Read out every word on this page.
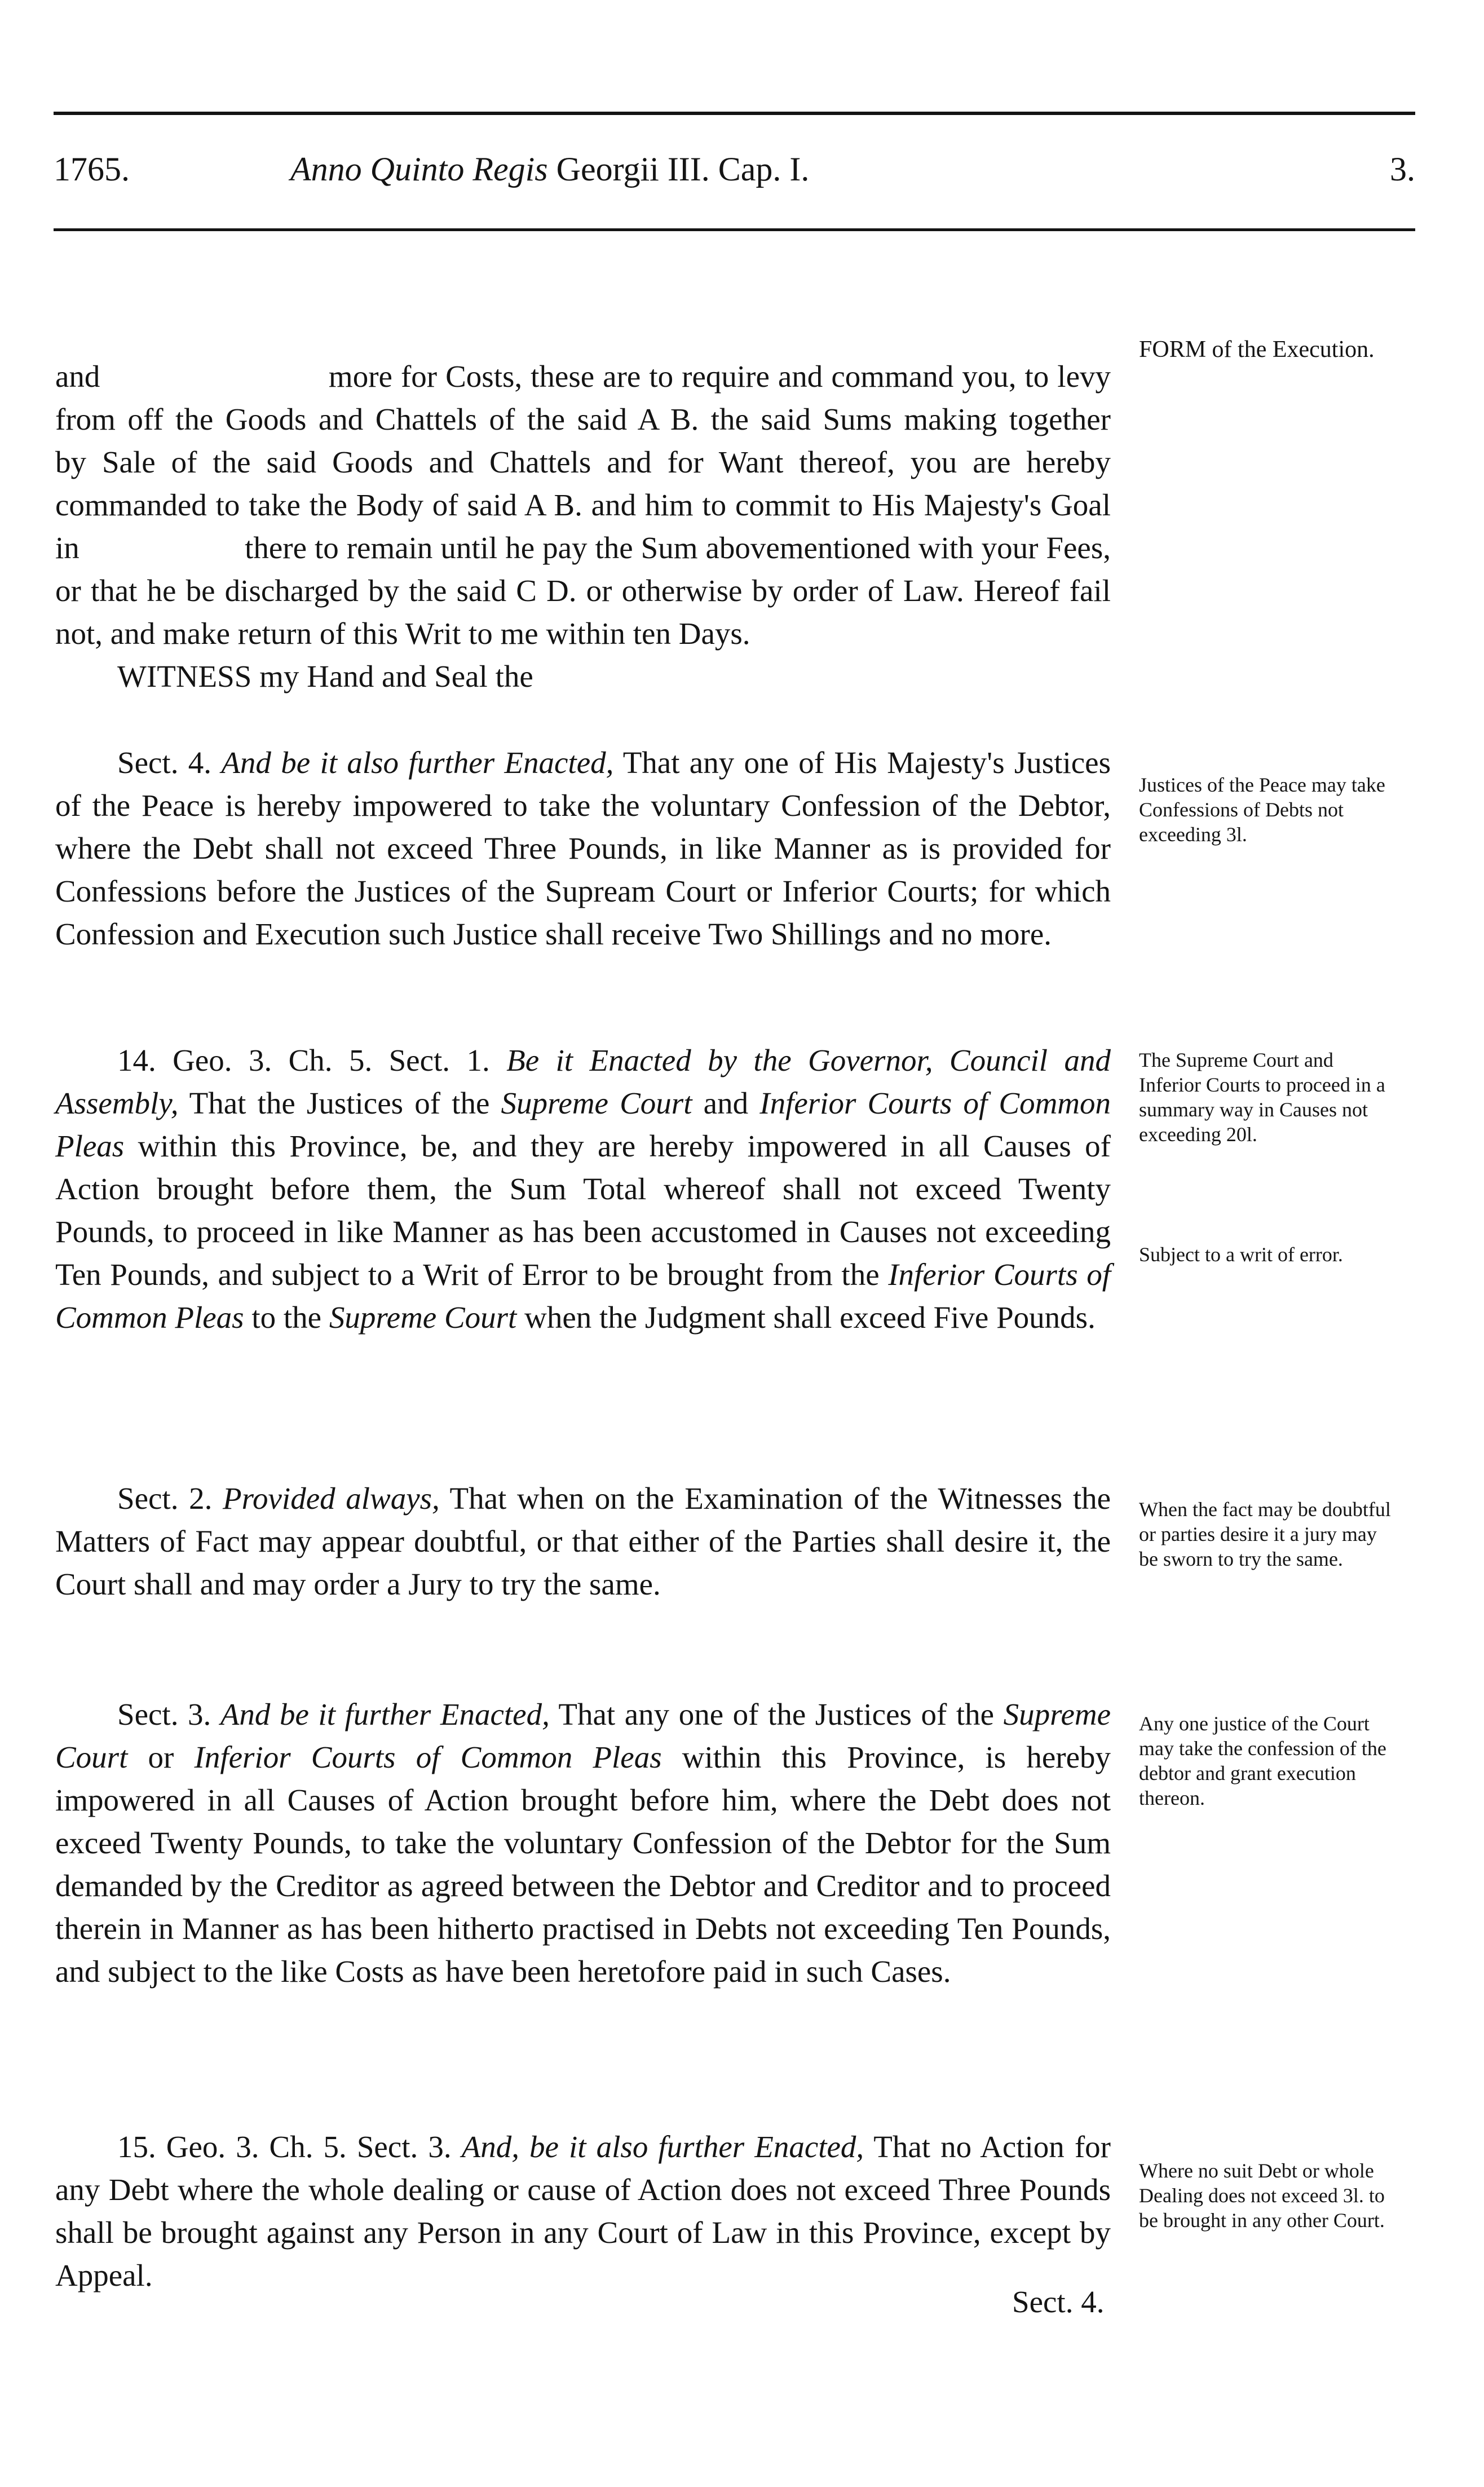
1765.	Anno Quinto Regis Georgii III. Cap. I.	3.

and                           more for Costs, these are to require and command you, to levy from off the Goods and Chattels of the said A B. the said Sums making together                      by Sale of the said Goods and Chattels and for Want thereof, you are hereby commanded to take the Body of said A B. and him to commit to His Majesty's Goal in                     there to remain until he pay the Sum abovementioned with your Fees, or that he be discharged by the said C D. or otherwise by order of Law. Hereof fail not, and make return of this Writ to me within ten Days.

WITNESS my Hand and Seal the

Sect. 4. And be it also further Enacted, That any one of His Majesty's Justices of the Peace is hereby impowered to take the voluntary Confession of the Debtor, where the Debt shall not exceed Three Pounds, in like Manner as is provided for Confessions before the Justices of the Supream Court or Inferior Courts; for which Confession and Execution such Justice shall receive Two Shillings and no more.

14. Geo. 3. Ch. 5. Sect. 1. Be it Enacted by the Governor, Council and Assembly, That the Justices of the Supreme Court and Inferior Courts of Common Pleas within this Province, be, and they are hereby impowered in all Causes of Action brought before them, the Sum Total whereof shall not exceed Twenty Pounds, to proceed in like Manner as has been accustomed in Causes not exceeding Ten Pounds, and subject to a Writ of Error to be brought from the Inferior Courts of Common Pleas to the Supreme Court when the Judgment shall exceed Five Pounds.

Sect. 2. Provided always, That when on the Examination of the Witnesses the Matters of Fact may appear doubtful, or that either of the Parties shall desire it, the Court shall and may order a Jury to try the same.

Sect. 3. And be it further Enacted, That any one of the Justices of the Supreme Court or Inferior Courts of Common Pleas within this Province, is hereby impowered in all Causes of Action brought before him, where the Debt does not exceed Twenty Pounds, to take the voluntary Confession of the Debtor for the Sum demanded by the Creditor as agreed between the Debtor and Creditor and to proceed therein in Manner as has been hitherto practised in Debts not exceeding Ten Pounds, and subject to the like Costs as have been heretofore paid in such Cases.

15. Geo. 3. Ch. 5. Sect. 3. And, be it also further Enacted, That no Action for any Debt where the whole dealing or cause of Action does not exceed Three Pounds shall be brought against any Person in any Court of Law in this Province, except by Appeal.

Sect. 4.
FORM of the Execution.
Justices of the Peace may take Confessions of Debts not exceeding 3l.
The Supreme Court and Inferior Courts to proceed in a summary way in Causes not exceeding 20l.
Subject to a writ of error.
When the fact may be doubtful or parties desire it a jury may be sworn to try the same.
Any one justice of the Court may take the confession of the debtor and grant execution thereon.
Where no suit Debt or whole Dealing does not exceed 3l. to be brought in any other Court.
